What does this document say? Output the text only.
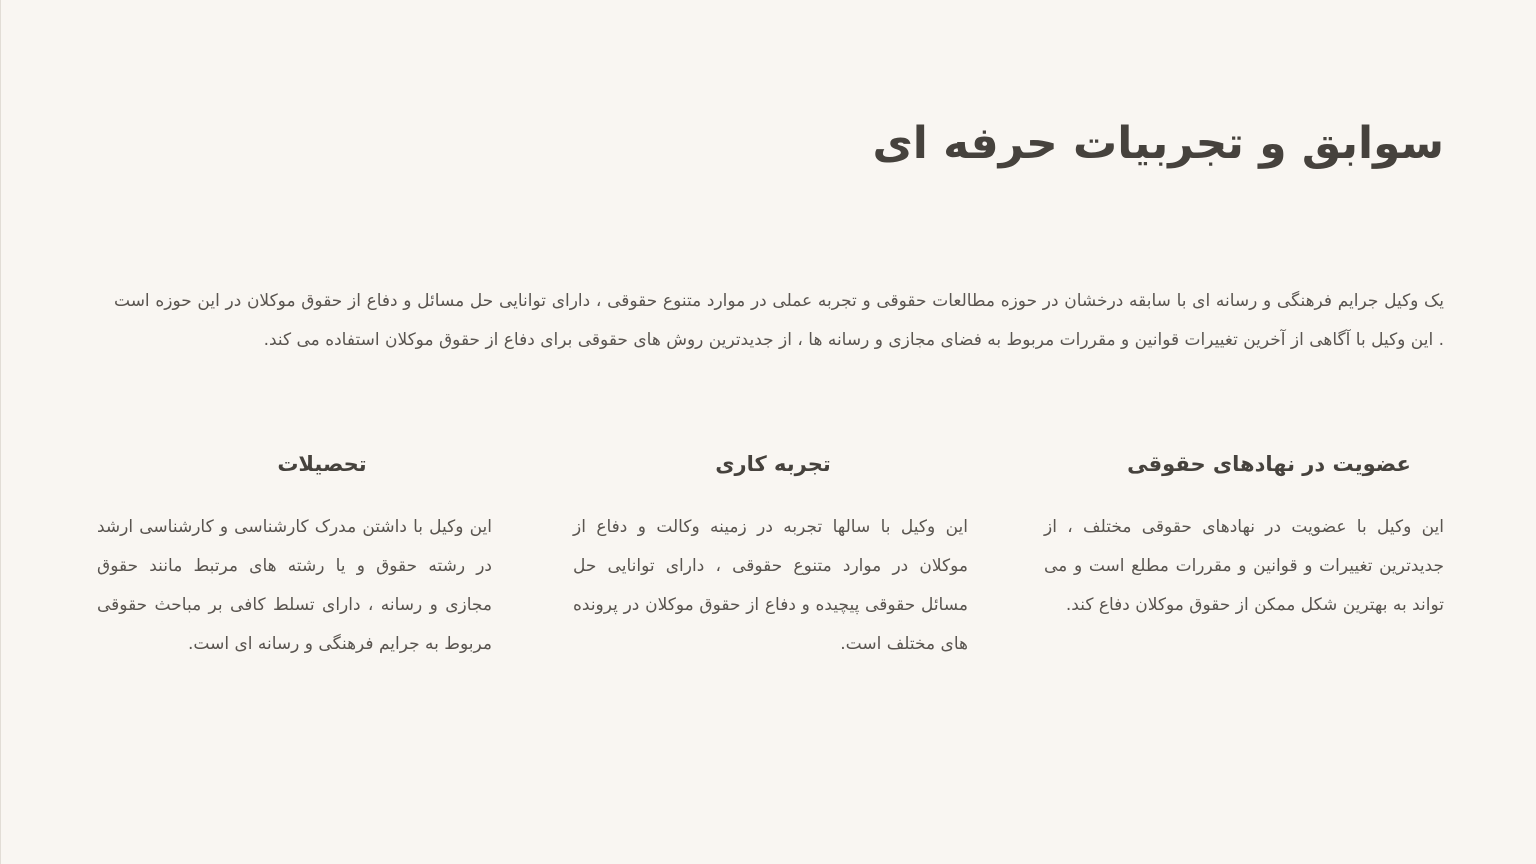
سوابق و تجربیات حرفه ای

یک وکیل جرایم فرهنگی و رسانه ای با سابقه درخشان در حوزه مطالعات حقوقی و تجربه عملی در موارد متنوع حقوقی ، دارای توانایی حل مسائل و دفاع از حقوق موکلان در این حوزه است . این وکیل با آگاهی از آخرین تغییرات قوانین و مقررات مربوط به فضای مجازی و رسانه ها ، از جدیدترین روش های حقوقی برای دفاع از حقوق موکلان استفاده می کند.

عضویت در نهادهای حقوقی

این وکیل با عضویت در نهادهای حقوقی مختلف ، از جدیدترین تغییرات و قوانین و مقررات مطلع است و می تواند به بهترین شکل ممکن از حقوق موکلان دفاع کند.

تجربه کاری

این وکیل با سالها تجربه در زمینه وکالت و دفاع از موکلان در موارد متنوع حقوقی ، دارای توانایی حل مسائل حقوقی پیچیده و دفاع از حقوق موکلان در پرونده های مختلف است.

تحصیلات

این وکیل با داشتن مدرک کارشناسی و کارشناسی ارشد در رشته حقوق و یا رشته های مرتبط مانند حقوق مجازی و رسانه ، دارای تسلط کافی بر مباحث حقوقی مربوط به جرایم فرهنگی و رسانه ای است.
